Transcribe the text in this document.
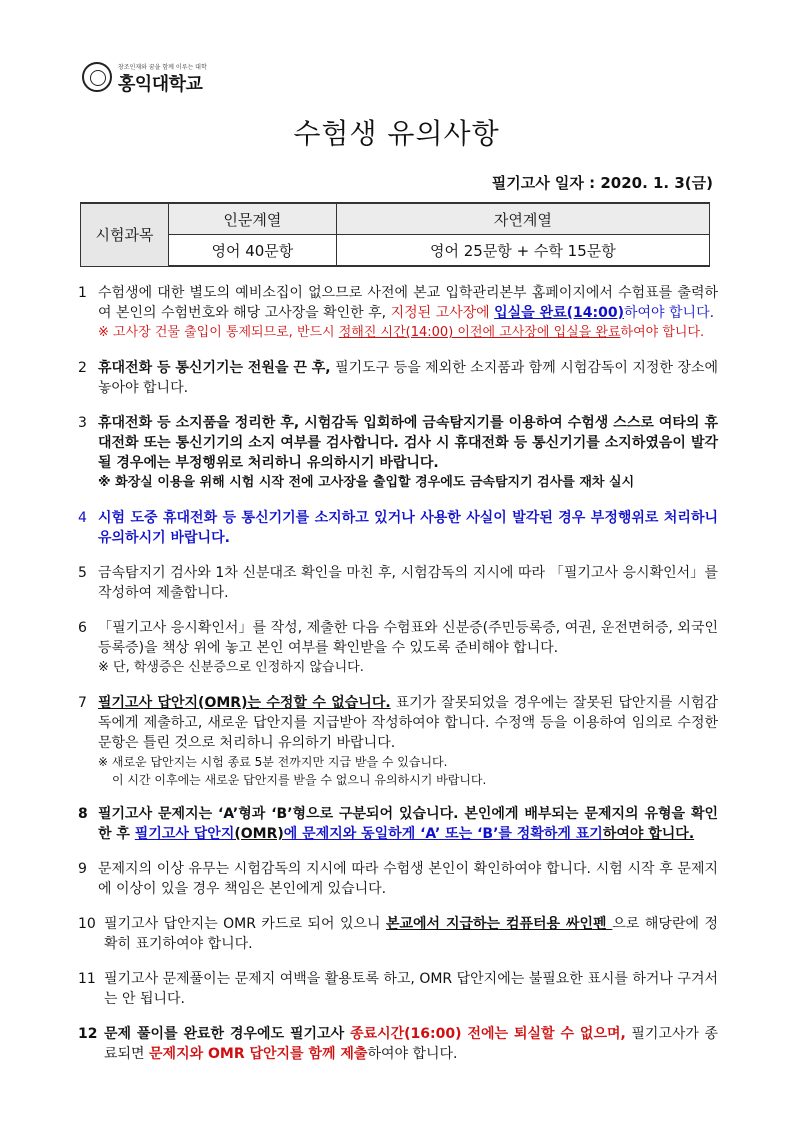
창조인재와 꿈을 함께 이루는 대학
홍익대학교
수험생 유의사항
필기고사 일자 : 2020. 1. 3(금)
시험과목	인문계열	자연계열
	영어 40문항	영어 25문항 + 수학 15문항
1 수험생에 대한 별도의 예비소집이 없으므로 사전에 본교 입학관리본부 홈페이지에서 수험표를 출력하여 본인의 수험번호와 해당 고사장을 확인한 후, 지정된 고사장에 입실을 완료(14:00)하여야 합니다.
※ 고사장 건물 출입이 통제되므로, 반드시 정해진 시간(14:00) 이전에 고사장에 입실을 완료하여야 합니다.
2 휴대전화 등 통신기기는 전원을 끈 후, 필기도구 등을 제외한 소지품과 함께 시험감독이 지정한 장소에 놓아야 합니다.
3 휴대전화 등 소지품을 정리한 후, 시험감독 입회하에 금속탐지기를 이용하여 수험생 스스로 여타의 휴대전화 또는 통신기기의 소지 여부를 검사합니다. 검사 시 휴대전화 등 통신기기를 소지하였음이 발각될 경우에는 부정행위로 처리하니 유의하시기 바랍니다.
※ 화장실 이용을 위해 시험 시작 전에 고사장을 출입할 경우에도 금속탐지기 검사를 재차 실시
4 시험 도중 휴대전화 등 통신기기를 소지하고 있거나 사용한 사실이 발각된 경우 부정행위로 처리하니 유의하시기 바랍니다.
5 금속탐지기 검사와 1차 신분대조 확인을 마친 후, 시험감독의 지시에 따라 「필기고사 응시확인서」를 작성하여 제출합니다.
6 「필기고사 응시확인서」를 작성, 제출한 다음 수험표와 신분증(주민등록증, 여권, 운전면허증, 외국인등록증)을 책상 위에 놓고 본인 여부를 확인받을 수 있도록 준비해야 합니다.
※ 단, 학생증은 신분증으로 인정하지 않습니다.
7 필기고사 답안지(OMR)는 수정할 수 없습니다. 표기가 잘못되었을 경우에는 잘못된 답안지를 시험감독에게 제출하고, 새로운 답안지를 지급받아 작성하여야 합니다. 수정액 등을 이용하여 임의로 수정한 문항은 틀린 것으로 처리하니 유의하기 바랍니다.
※ 새로운 답안지는 시험 종료 5분 전까지만 지급 받을 수 있습니다.
이 시간 이후에는 새로운 답안지를 받을 수 없으니 유의하시기 바랍니다.
8 필기고사 문제지는 ‘A’형과 ‘B’형으로 구분되어 있습니다. 본인에게 배부되는 문제지의 유형을 확인한 후 필기고사 답안지(OMR)에 문제지와 동일하게 ‘A’ 또는 ‘B’를 정확하게 표기하여야 합니다.
9 문제지의 이상 유무는 시험감독의 지시에 따라 수험생 본인이 확인하여야 합니다. 시험 시작 후 문제지에 이상이 있을 경우 책임은 본인에게 있습니다.
10 필기고사 답안지는 OMR 카드로 되어 있으니 본교에서 지급하는 컴퓨터용 싸인펜 으로 해당란에 정확히 표기하여야 합니다.
11 필기고사 문제풀이는 문제지 여백을 활용토록 하고, OMR 답안지에는 불필요한 표시를 하거나 구겨서는 안 됩니다.
12 문제 풀이를 완료한 경우에도 필기고사 종료시간(16:00) 전에는 퇴실할 수 없으며, 필기고사가 종료되면 문제지와 OMR 답안지를 함께 제출하여야 합니다.
